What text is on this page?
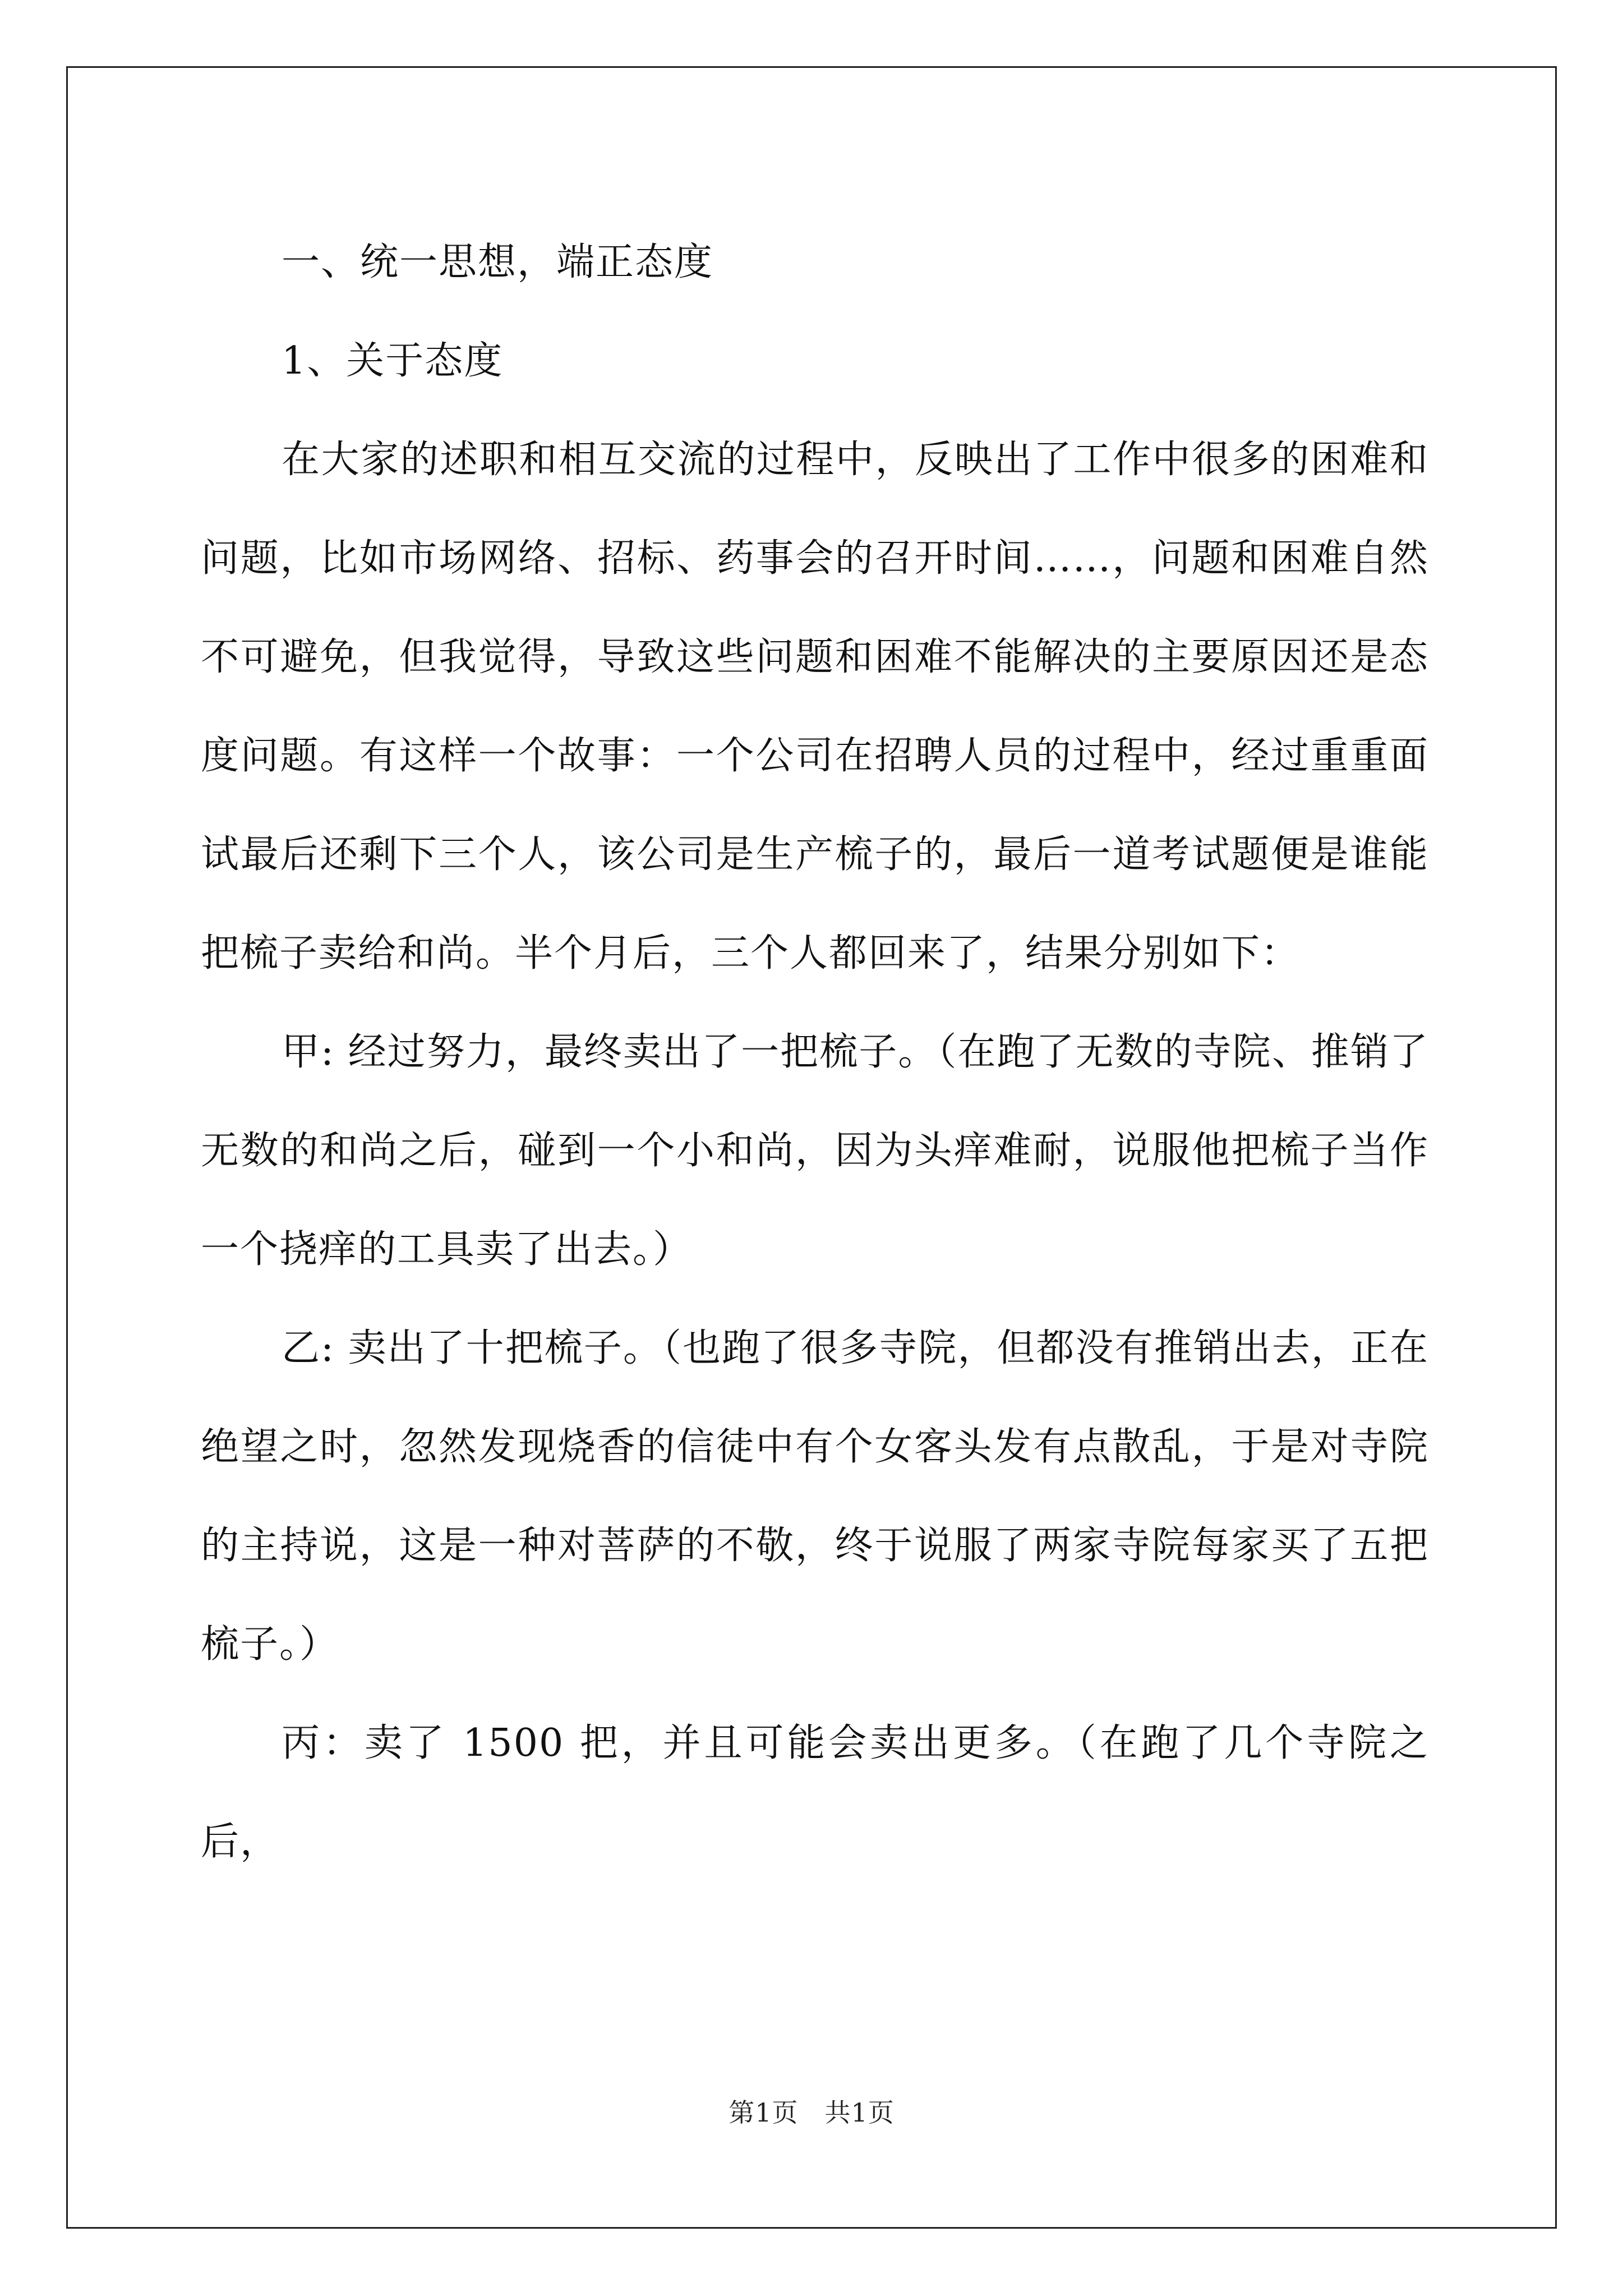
一、统一思想，端正态度

1、关于态度

在大家的述职和相互交流的过程中，反映出了工作中很多的困难和问题，比如市场网络、招标、药事会的召开时间……，问题和困难自然不可避免，但我觉得，导致这些问题和困难不能解决的主要原因还是态度问题。有这样一个故事：一个公司在招聘人员的过程中，经过重重面试最后还剩下三个人，该公司是生产梳子的，最后一道考试题便是谁能把梳子卖给和尚。半个月后，三个人都回来了，结果分别如下：

甲: 经过努力，最终卖出了一把梳子。（在跑了无数的寺院、推销了无数的和尚之后，碰到一个小和尚，因为头痒难耐，说服他把梳子当作一个挠痒的工具卖了出去。）

乙: 卖出了十把梳子。（也跑了很多寺院，但都没有推销出去，正在绝望之时，忽然发现烧香的信徒中有个女客头发有点散乱，于是对寺院的主持说，这是一种对菩萨的不敬，终于说服了两家寺院每家买了五把梳子。）

丙：卖了 1500 把，并且可能会卖出更多。（在跑了几个寺院之后，

第1页　共1页
